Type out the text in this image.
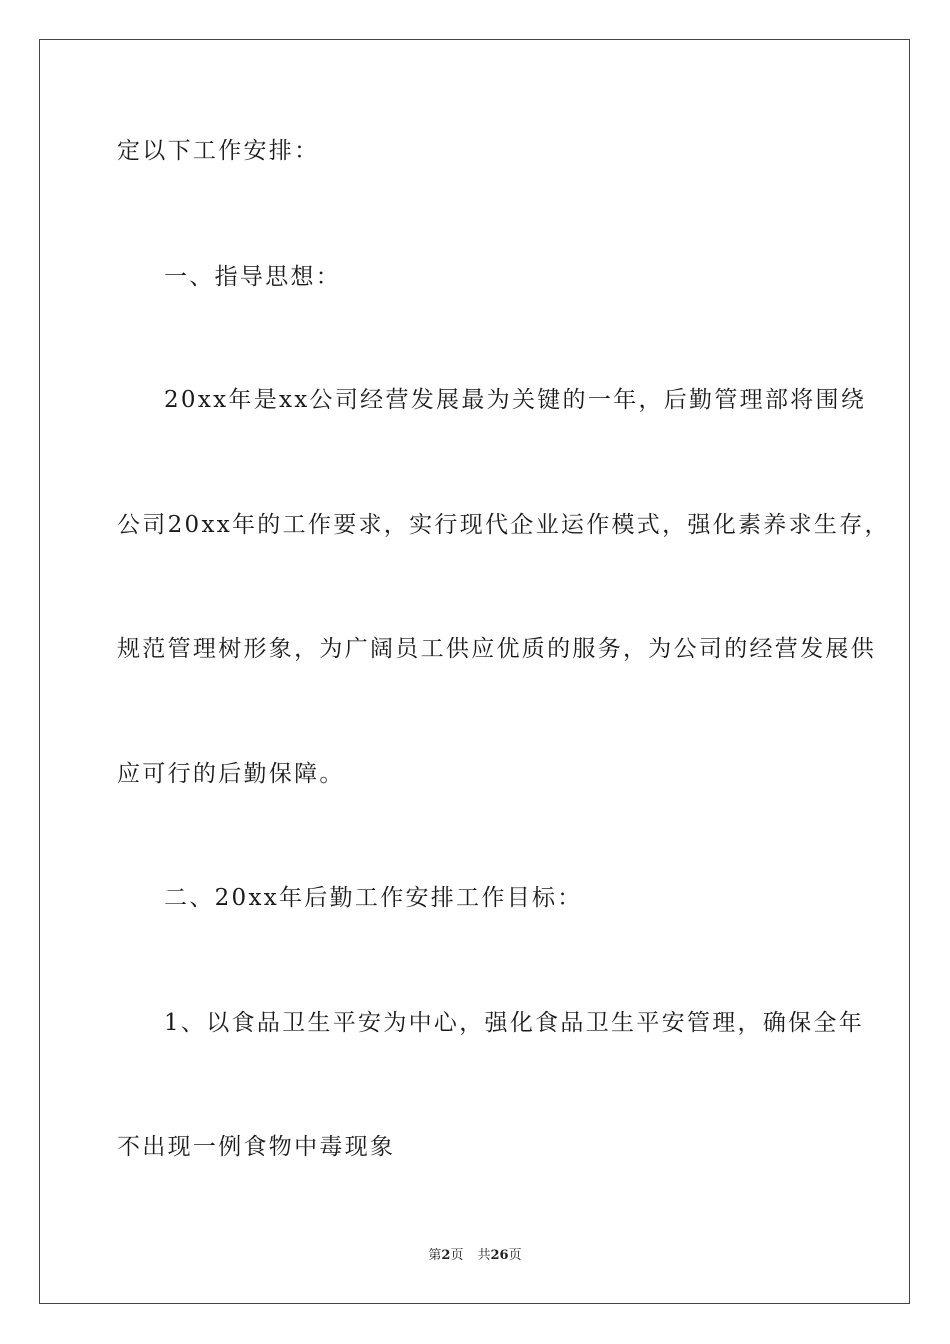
定以下工作安排：
一、指导思想：
20xx年是xx公司经营发展最为关键的一年，后勤管理部将围绕
公司20xx年的工作要求，实行现代企业运作模式，强化素养求生存，
规范管理树形象，为广阔员工供应优质的服务，为公司的经营发展供
应可行的后勤保障。
二、20xx年后勤工作安排工作目标：
1、以食品卫生平安为中心，强化食品卫生平安管理，确保全年
不出现一例食物中毒现象
第2页 共26页
